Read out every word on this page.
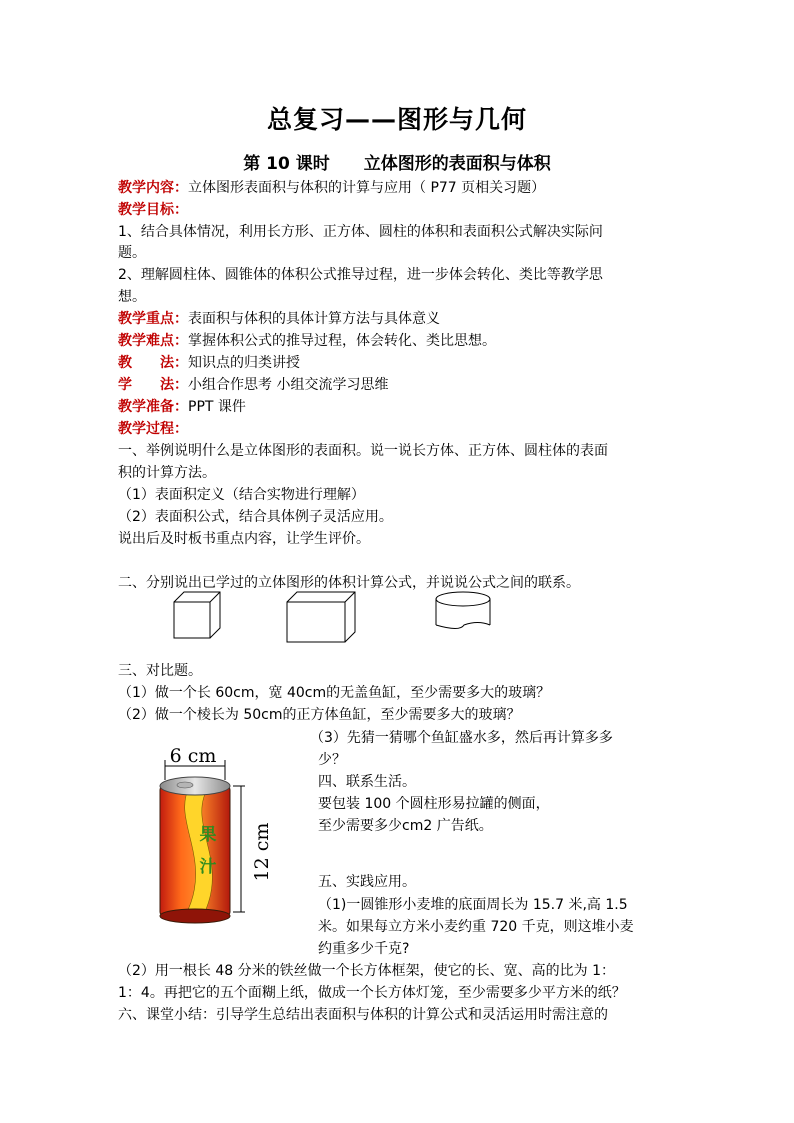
总复习——图形与几何
第 10 课时 立体图形的表面积与体积
教学内容：立体图形表面积与体积的计算与应用（ P77 页相关习题）
教学目标：
1、结合具体情况，利用长方形、正方体、圆柱的体积和表面积公式解决实际问
题。
2、理解圆柱体、圆锥体的体积公式推导过程，进一步体会转化、类比等教学思
想。
教学重点：表面积与体积的具体计算方法与具体意义
教学难点：掌握体积公式的推导过程，体会转化、类比思想。
教　　法：知识点的归类讲授
学　　法：小组合作思考 小组交流学习思维
教学准备：PPT 课件
教学过程：
一、举例说明什么是立体图形的表面积。说一说长方体、正方体、圆柱体的表面
积的计算方法。
（1）表面积定义（结合实物进行理解）
（2）表面积公式，结合具体例子灵活应用。
说出后及时板书重点内容，让学生评价。
二、分别说出已学过的立体图形的体积计算公式，并说说公式之间的联系。
三、对比题。
（1）做一个长 60cm，宽 40cm的无盖鱼缸，至少需要多大的玻璃？
（2）做一个棱长为 50cm的正方体鱼缸，至少需要多大的玻璃？
6 cm
12 cm
果汁
（3）先猜一猜哪个鱼缸盛水多，然后再计算多多
少？
四、联系生活。
要包装 100 个圆柱形易拉罐的侧面，
至少需要多少cm2 广告纸。
五、实践应用。
（1)一圆锥形小麦堆的底面周长为 15.7 米,高 1.5
米。如果每立方米小麦约重 720 千克，则这堆小麦
约重多少千克?
（2）用一根长 48 分米的铁丝做一个长方体框架，使它的长、宽、高的比为 1：
1：4。再把它的五个面糊上纸，做成一个长方体灯笼，至少需要多少平方米的纸？
六、课堂小结：引导学生总结出表面积与体积的计算公式和灵活运用时需注意的
